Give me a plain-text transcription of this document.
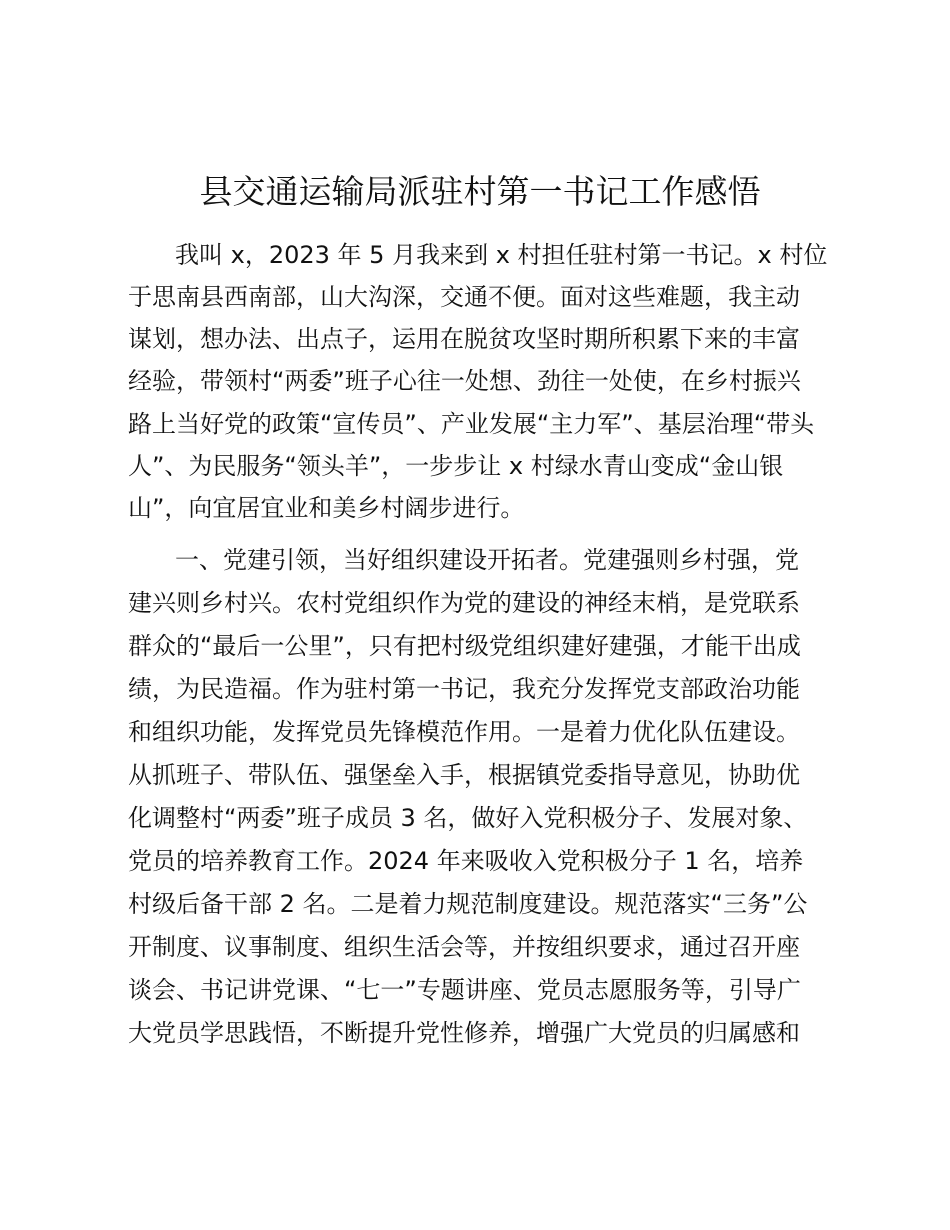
县交通运输局派驻村第一书记工作感悟
我叫 x，2023 年 5 月我来到 x 村担任驻村第一书记。x 村位
于思南县西南部，山大沟深，交通不便。面对这些难题，我主动
谋划，想办法、出点子，运用在脱贫攻坚时期所积累下来的丰富
经验，带领村“两委”班子心往一处想、劲往一处使，在乡村振兴
路上当好党的政策“宣传员”、产业发展“主力军”、基层治理“带头
人”、为民服务“领头羊”，一步步让 x 村绿水青山变成“金山银
山”，向宜居宜业和美乡村阔步进行。
一、党建引领，当好组织建设开拓者。党建强则乡村强，党
建兴则乡村兴。农村党组织作为党的建设的神经末梢，是党联系
群众的“最后一公里”，只有把村级党组织建好建强，才能干出成
绩，为民造福。作为驻村第一书记，我充分发挥党支部政治功能
和组织功能，发挥党员先锋模范作用。一是着力优化队伍建设。
从抓班子、带队伍、强堡垒入手，根据镇党委指导意见，协助优
化调整村“两委”班子成员 3 名，做好入党积极分子、发展对象、
党员的培养教育工作。2024 年来吸收入党积极分子 1 名，培养
村级后备干部 2 名。二是着力规范制度建设。规范落实“三务”公
开制度、议事制度、组织生活会等，并按组织要求，通过召开座
谈会、书记讲党课、“七一”专题讲座、党员志愿服务等，引导广
大党员学思践悟，不断提升党性修养，增强广大党员的归属感和
